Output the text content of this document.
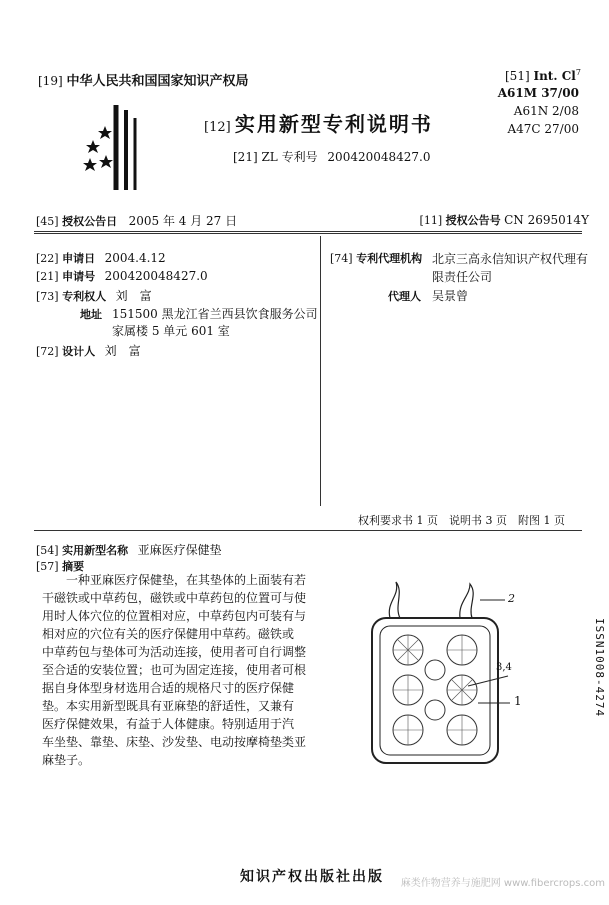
[19] 中华人民共和国国家知识产权局
[12] 实用新型专利说明书
[21] ZL 专利号 200420048427.0
[51] Int. Cl$^7$
A61M 37/00
A61N 2/08
A47C 27/00
[45] 授权公告日 2005 年 4 月 27 日	[11] 授权公告号 CN 2695014Y
[22] 申请日 2004.4.12
[21] 申请号 200420048427.0
[73] 专利权人 刘　富
地址 151500 黑龙江省兰西县饮食服务公司
家属楼 5 单元 601 室
[72] 设计人 刘　富
[74] 专利代理机构 北京三高永信知识产权代理有
限责任公司
代理人 吴景曾
权利要求书 1 页　说明书 3 页　附图 1 页
[54] 实用新型名称 亚麻医疗保健垫
[57] 摘要
一种亚麻医疗保健垫，在其垫体的上面装有若
干磁铁或中草药包，磁铁或中草药包的位置可与使
用时人体穴位的位置相对应，中草药包内可装有与
相对应的穴位有关的医疗保健用中草药。磁铁或
中草药包与垫体可为活动连接，使用者可自行调整
至合适的安装位置；也可为固定连接，使用者可根
据自身体型身材选用合适的规格尺寸的医疗保健
垫。本实用新型既具有亚麻垫的舒适性，又兼有
医疗保健效果，有益于人体健康。特别适用于汽
车坐垫、靠垫、床垫、沙发垫、电动按摩椅垫类亚
麻垫子。
2
3,4
1	ISSN1008-4274
知识产权出版社出版 麻类作物营养与施肥网 www.fibercrops.com
